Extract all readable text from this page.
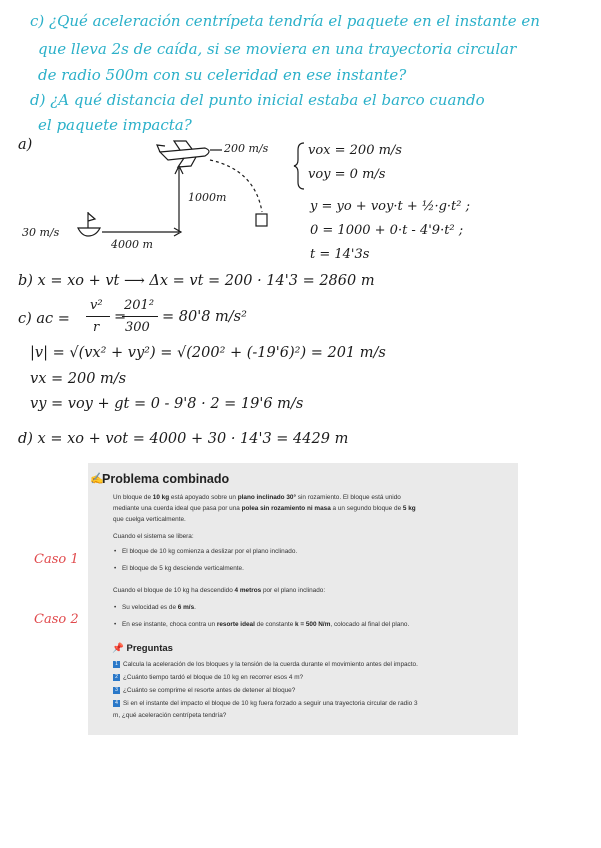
c) ¿Qué aceleración centrípeta tendría el paquete en el instante en
que lleva 2s de caída, si se moviera en una trayectoria circular
de radio 500m con su celeridad en ese instante?
d) ¿A qué distancia del punto inicial estaba el barco cuando
el paquete impacta?
a)	200 m/s
1000m
30 m/s
4000 m
vox = 200 m/s
voy = 0 m/s
y = yo + voy·t + ½·g·t² ;
0 = 1000 + 0·t - 4'9·t² ;
t = 14'3s
b) x = xo + vt ⟶ Δx = vt = 200 · 14'3 = 2860 m
c) ac =
v²
r
=
201²
300
= 80'8 m/s²
|v| = √(vx² + vy²) = √(200² + (-19'6)²) = 201 m/s
vx = 200 m/s
vy = voy + gt = 0 - 9'8 · 2 = 19'6 m/s
d) x = xo + vot = 4000 + 30 · 14'3 = 4429 m
Caso 1
Caso 2
✍
Problema combinado
Un bloque de 10 kg está apoyado sobre un plano inclinado 30° sin rozamiento. El bloque está unido
mediante una cuerda ideal que pasa por una polea sin rozamiento ni masa a un segundo bloque de 5 kg
que cuelga verticalmente.
Cuando el sistema se libera:
• El bloque de 10 kg comienza a deslizar por el plano inclinado.
• El bloque de 5 kg desciende verticalmente.
Cuando el bloque de 10 kg ha descendido 4 metros por el plano inclinado:
• Su velocidad es de 6 m/s.
• En ese instante, choca contra un resorte ideal de constante k = 500 N/m, colocado al final del plano.
📌 Preguntas
1 Calcula la aceleración de los bloques y la tensión de la cuerda durante el movimiento antes del impacto.
2 ¿Cuánto tiempo tardó el bloque de 10 kg en recorrer esos 4 m?
3 ¿Cuánto se comprime el resorte antes de detener al bloque?
4 Si en el instante del impacto el bloque de 10 kg fuera forzado a seguir una trayectoria circular de radio 3
m, ¿qué aceleración centrípeta tendría?
